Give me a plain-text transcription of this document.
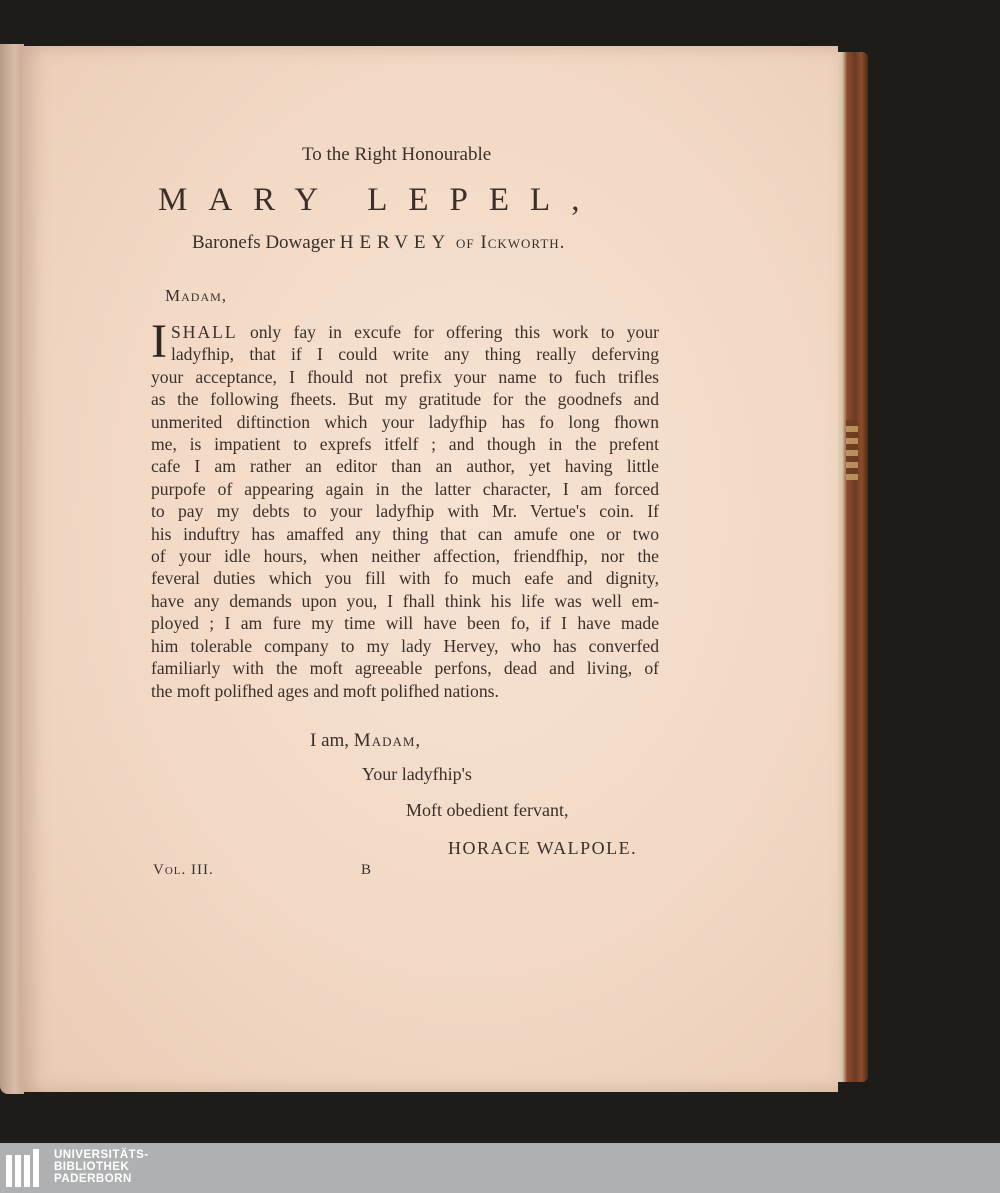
To the Right Honourable
MARY LEPEL,
Baronefs Dowager HERVEY of Ickworth.
Madam,
I SHALL only fay in excufe for offering this work to your
ladyfhip, that if I could write any thing really deferving
your acceptance, I fhould not prefix your name to fuch trifles
as the following fheets. But my gratitude for the goodnefs and
unmerited diftinction which your ladyfhip has fo long fhown
me, is impatient to exprefs itfelf ; and though in the prefent
cafe I am rather an editor than an author, yet having little
purpofe of appearing again in the latter character, I am forced
to pay my debts to your ladyfhip with Mr. Vertue's coin. If
his induftry has amaffed any thing that can amufe one or two
of your idle hours, when neither affection, friendfhip, nor the
feveral duties which you fill with fo much eafe and dignity,
have any demands upon you, I fhall think his life was well em-
ployed ; I am fure my time will have been fo, if I have made
him tolerable company to my lady Hervey, who has converfed
familiarly with the moft agreeable perfons, dead and living, of
the moft polifhed ages and moft polifhed nations.
I am, Madam,
Your ladyfhip's
Moft obedient fervant,
HORACE WALPOLE.
Vol. III.	B
UNIVERSITÄTS-
BIBLIOTHEK
PADERBORN
